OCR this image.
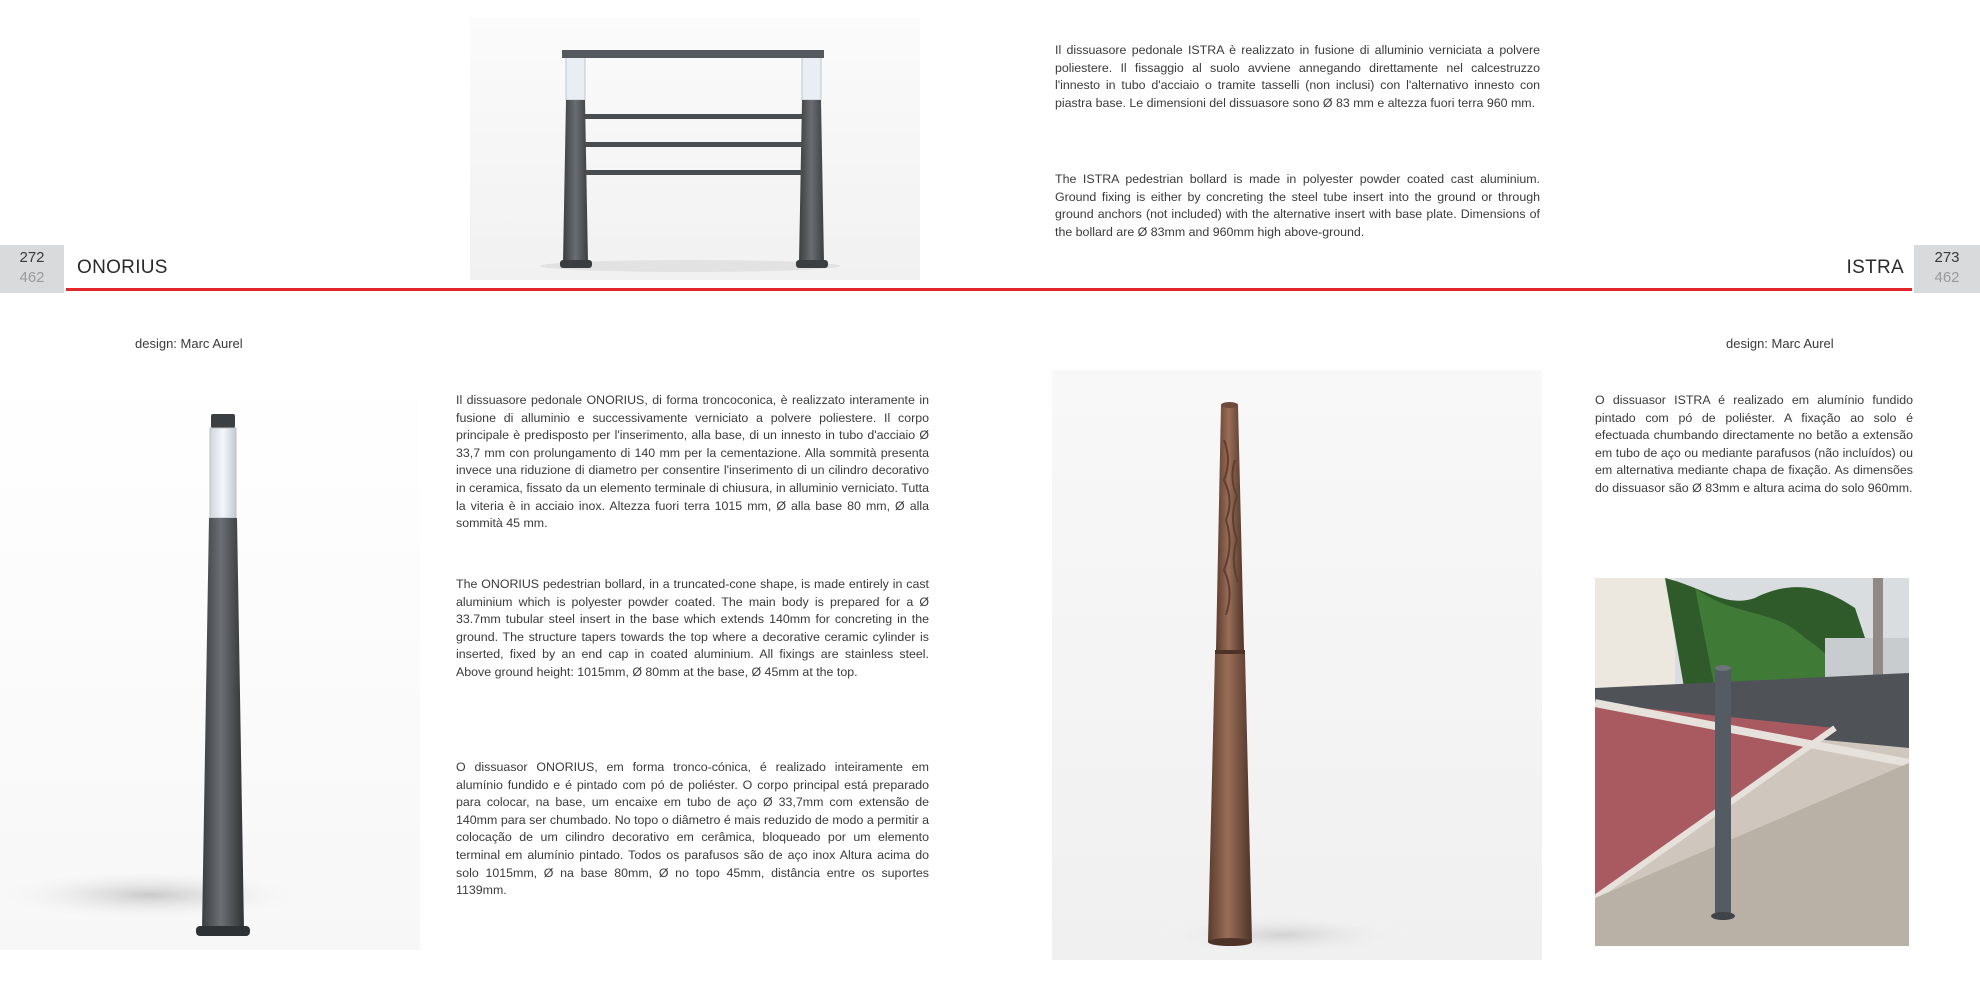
272
462	ONORIUS	273
462
ISTRA

Il dissuasore pedonale ISTRA è realizzato in fusione di alluminio verniciata a polvere poliestere. Il fissaggio al suolo avviene annegando direttamente nel calcestruzzo l'innesto in tubo d'acciaio o tramite tasselli (non inclusi) con l'alternativo innesto con piastra base. Le dimensioni del dissuasore sono Ø 83 mm e altezza fuori terra 960 mm.

The ISTRA pedestrian bollard is made in polyester powder coated cast aluminium. Ground fixing is either by concreting the steel tube insert into the ground or through ground anchors (not included) with the alternative insert with base plate. Dimensions of the bollard are Ø 83mm and 960mm high above-ground.

design: Marc Aurel	design: Marc Aurel

Il dissuasore pedonale ONORIUS, di forma troncoconica, è realizzato interamente in fusione di alluminio e successivamente verniciato a polvere poliestere. Il corpo principale è predisposto per l'inserimento, alla base, di un innesto in tubo d'acciaio Ø 33,7 mm con prolungamento di 140 mm per la cementazione. Alla sommità presenta invece una riduzione di diametro per consentire l'inserimento di un cilindro decorativo in ceramica, fissato da un elemento terminale di chiusura, in alluminio verniciato. Tutta la viteria è in acciaio inox. Altezza fuori terra 1015 mm, Ø alla base 80 mm, Ø alla sommità 45 mm.

The ONORIUS pedestrian bollard, in a truncated-cone shape, is made entirely in cast aluminium which is polyester powder coated. The main body is prepared for a Ø 33.7mm tubular steel insert in the base which extends 140mm for concreting in the ground. The structure tapers towards the top where a decorative ceramic cylinder is inserted, fixed by an end cap in coated aluminium. All fixings are stainless steel. Above ground height: 1015mm, Ø 80mm at the base, Ø 45mm at the top.

O dissuasor ONORIUS, em forma tronco-cónica, é realizado inteiramente em alumínio fundido e é pintado com pó de poliéster. O corpo principal está preparado para colocar, na base, um encaixe em tubo de aço Ø 33,7mm com extensão de 140mm para ser chumbado. No topo o diâmetro é mais reduzido de modo a permitir a colocação de um cilindro decorativo em cerâmica, bloqueado por um elemento terminal em alumínio pintado. Todos os parafusos são de aço inox Altura acima do solo 1015mm, Ø na base 80mm, Ø no topo 45mm, distância entre os suportes 1139mm.

O dissuasor ISTRA é realizado em alumínio fundido pintado com pó de poliéster. A fixação ao solo é efectuada chumbando directamente no betão a extensão em tubo de aço ou mediante parafusos (não incluídos) ou em alternativa mediante chapa de fixação. As dimensões do dissuasor são Ø 83mm e altura acima do solo 960mm.
